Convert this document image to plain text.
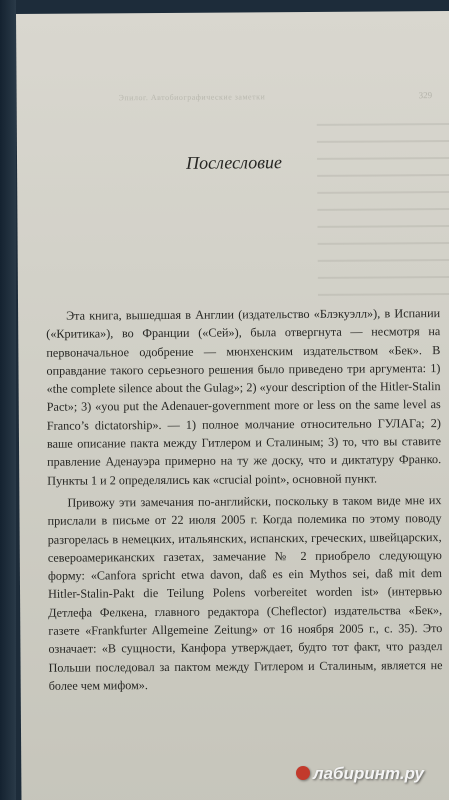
Эпилог. Автобиографические заметки	329
Послесловие

Эта книга, вышедшая в Англии (издательство «Блэкуэлл»), в Испании («Критика»), во Франции («Сей»), была отвергнута — несмотря на первоначальное одобрение — мюнхенским издательством «Бек». В оправдание такого серьезного решения было приведено три аргумента: 1) «the complete silence about the Gulag»; 2) «your description of the Hitler-Stalin Pact»; 3) «you put the Adenauer-government more or less on the same level as Franco’s dictatorship». — 1) полное молчание относительно ГУЛАГа; 2) ваше описание пакта между Гитлером и Сталиным; 3) то, что вы ставите правление Аденауэра примерно на ту же доску, что и диктатуру Франко. Пункты 1 и 2 определялись как «crucial point», основной пункт.

Привожу эти замечания по-английски, поскольку в таком виде мне их прислали в письме от 22 июля 2005 г. Когда полемика по этому поводу разгорелась в немецких, итальянских, испанских, греческих, швейцарских, североамериканских газетах, замечание № 2 приобрело следующую форму: «Canfora spricht etwa davon, daß es ein Mythos sei, daß mit dem Hitler-Stalin-Pakt die Teilung Polens vorbereitet worden ist» (интервью Детлефа Фелкена, главного редактора (Cheflector) издательства «Бек», газете «Frankfurter Allgemeine Zeitung» от 16 ноября 2005 г., с. 35). Это означает: «В сущности, Канфора утверждает, будто тот факт, что раздел Польши последовал за пактом между Гитлером и Сталиным, является не более чем мифом».

лабиринт.ру
